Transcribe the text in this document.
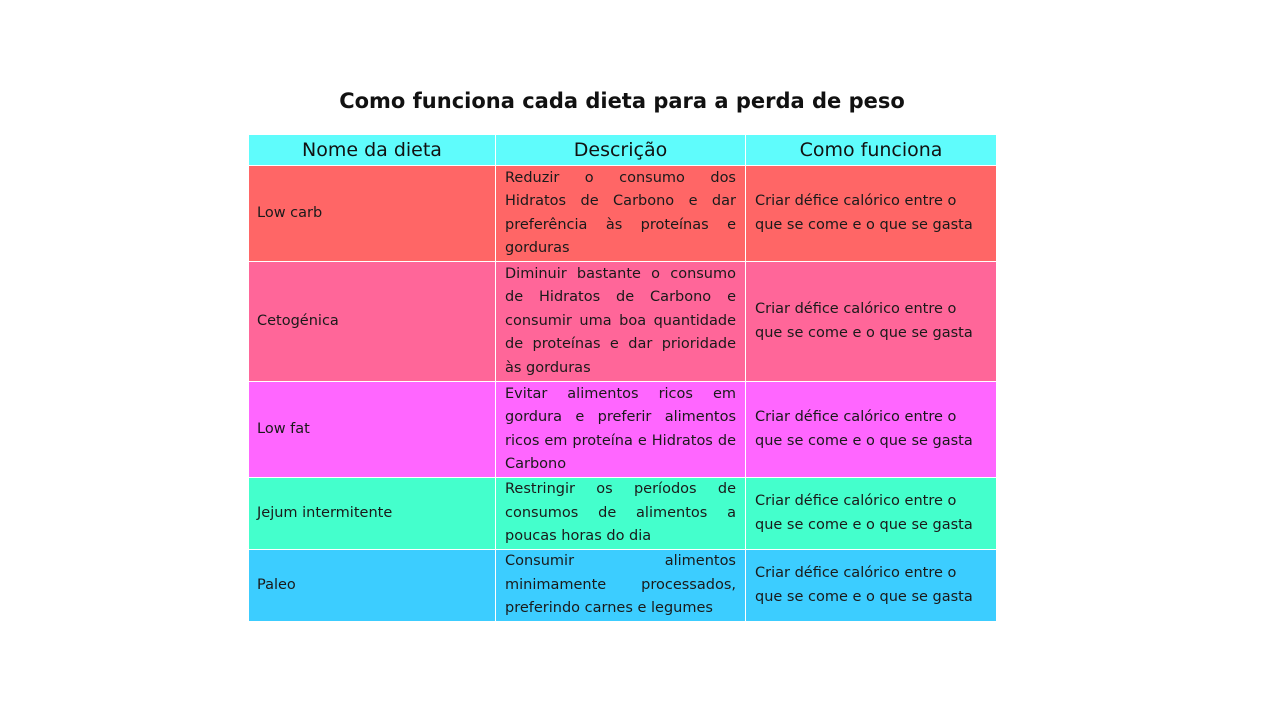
Como funciona cada dieta para a perda de peso
Nome da dieta	Descrição	Como funciona
Low carb	Reduzir o consumo dos Hidratos de Carbono e dar preferência às proteínas e gorduras	Criar défice calórico entre o que se come e o que se gasta
Cetogénica	Diminuir bastante o consumo de Hidratos de Carbono e consumir uma boa quantidade de proteínas e dar prioridade às gorduras	Criar défice calórico entre o que se come e o que se gasta
Low fat	Evitar alimentos ricos em gordura e preferir alimentos ricos em proteína e Hidratos de Carbono	Criar défice calórico entre o que se come e o que se gasta
Jejum intermitente	Restringir os períodos de consumos de alimentos a poucas horas do dia	Criar défice calórico entre o que se come e o que se gasta
Paleo	Consumir alimentos minimamente processados, preferindo carnes e legumes	Criar défice calórico entre o que se come e o que se gasta
